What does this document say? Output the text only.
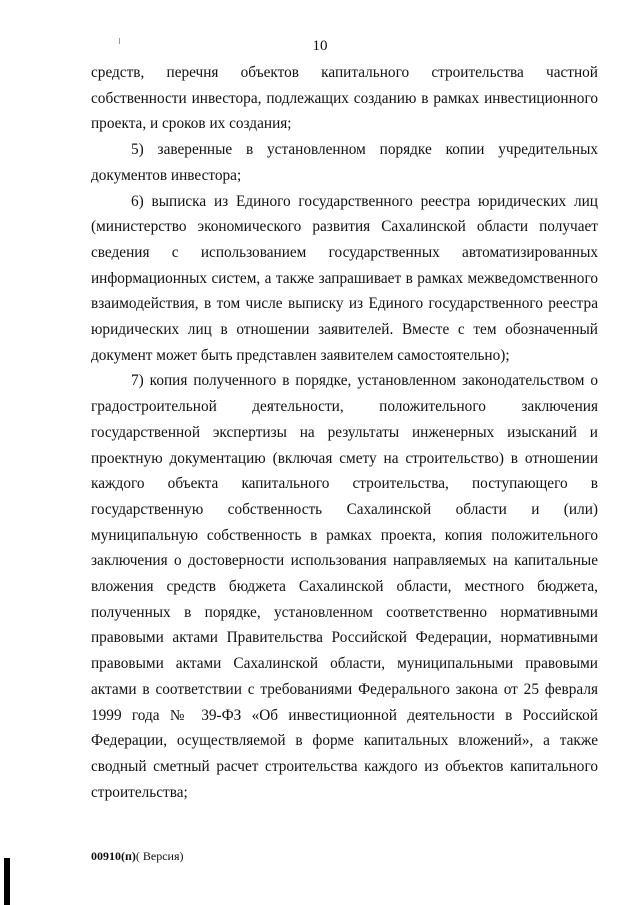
10

средств, перечня объектов капитального строительства частной собственности инвестора, подлежащих созданию в рамках инвестиционного проекта, и сроков их создания;

5) заверенные в установленном порядке копии учредительных документов инвестора;

6) выписка из Единого государственного реестра юридических лиц (министерство экономического развития Сахалинской области получает сведения с использованием государственных автоматизированных информационных систем, а также запрашивает в рамках межведомственного взаимодействия, в том числе выписку из Единого государственного реестра юридических лиц в отношении заявителей. Вместе с тем обозначенный документ может быть представлен заявителем самостоятельно);

7) копия полученного в порядке, установленном законодательством о градостроительной деятельности, положительного заключения государственной экспертизы на результаты инженерных изысканий и проектную документацию (включая смету на строительство) в отношении каждого объекта капитального строительства, поступающего в государственную собственность Сахалинской области и (или) муниципальную собственность в рамках проекта, копия положительного заключения о достоверности использования направляемых на капитальные вложения средств бюджета Сахалинской области, местного бюджета, полученных в порядке, установленном соответственно нормативными правовыми актами Правительства Российской Федерации, нормативными правовыми актами Сахалинской области, муниципальными правовыми актами в соответствии с требованиями Федерального закона от 25 февраля 1999 года № 39-ФЗ «Об инвестиционной деятельности в Российской Федерации, осуществляемой в форме капитальных вложений», а также сводный сметный расчет строительства каждого из объектов капитального строительства;

00910(п)( Версия)
